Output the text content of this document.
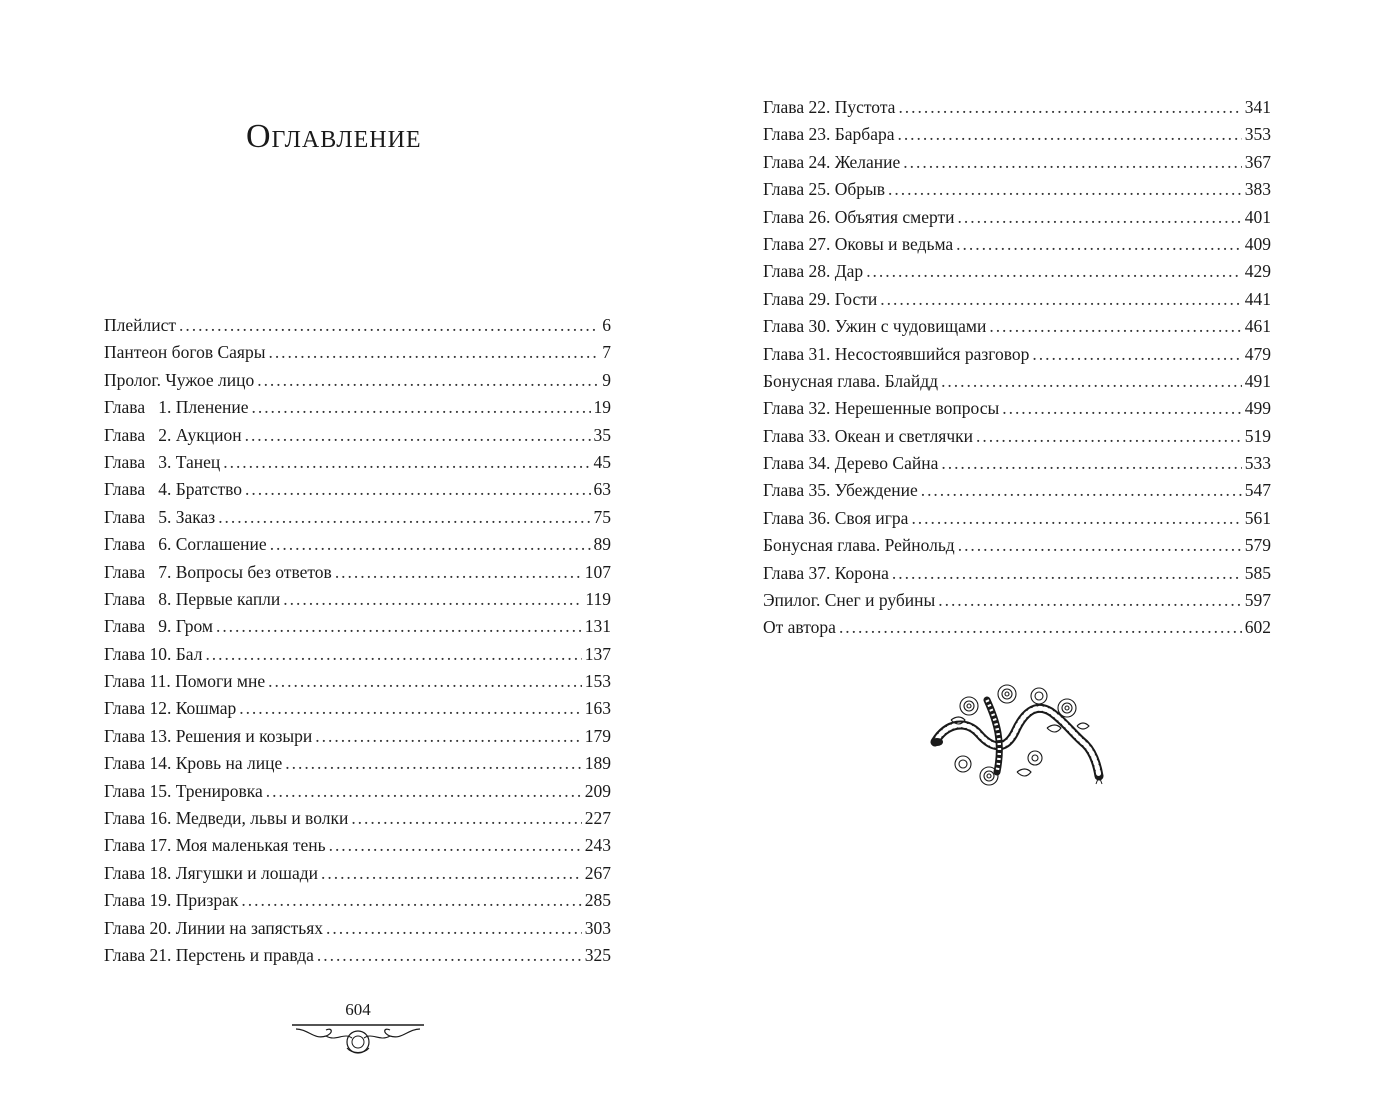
Оглавление
Плейлист . . .	6
Пантеон богов Саяры . . .	7
Пролог. Чужое лицо . . .	9
Глава   1. Пленение . . .	19
Глава   2. Аукцион . . .	35
Глава   3. Танец . . .	45
Глава   4. Братство . . .	63
Глава   5. Заказ . . .	75
Глава   6. Соглашение . . .	89
Глава   7. Вопросы без ответов . . .	107
Глава   8. Первые капли . . .	119
Глава   9. Гром . . .	131
Глава 10. Бал . . .	137
Глава 11. Помоги мне . . .	153
Глава 12. Кошмар . . .	163
Глава 13. Решения и козыри . . .	179
Глава 14. Кровь на лице . . .	189
Глава 15. Тренировка . . .	209
Глава 16. Медведи, львы и волки . . .	227
Глава 17. Моя маленькая тень . . .	243
Глава 18. Лягушки и лошади . . .	267
Глава 19. Призрак . . .	285
Глава 20. Линии на запястьях . . .	303
Глава 21. Перстень и правда . . .	325
604
Глава 22. Пустота . . .	341
Глава 23. Барбара . . .	353
Глава 24. Желание . . .	367
Глава 25. Обрыв . . .	383
Глава 26. Объятия смерти . . .	401
Глава 27. Оковы и ведьма . . .	409
Глава 28. Дар . . .	429
Глава 29. Гости . . .	441
Глава 30. Ужин с чудовищами . . .	461
Глава 31. Несостоявшийся разговор . . .	479
Бонусная глава. Блайдд . . .	491
Глава 32. Нерешенные вопросы . . .	499
Глава 33. Океан и светлячки . . .	519
Глава 34. Дерево Сайна . . .	533
Глава 35. Убеждение . . .	547
Глава 36. Своя игра . . .	561
Бонусная глава. Рейнольд . . .	579
Глава 37. Корона . . .	585
Эпилог. Снег и рубины . . .	597
От автора . . .	602
